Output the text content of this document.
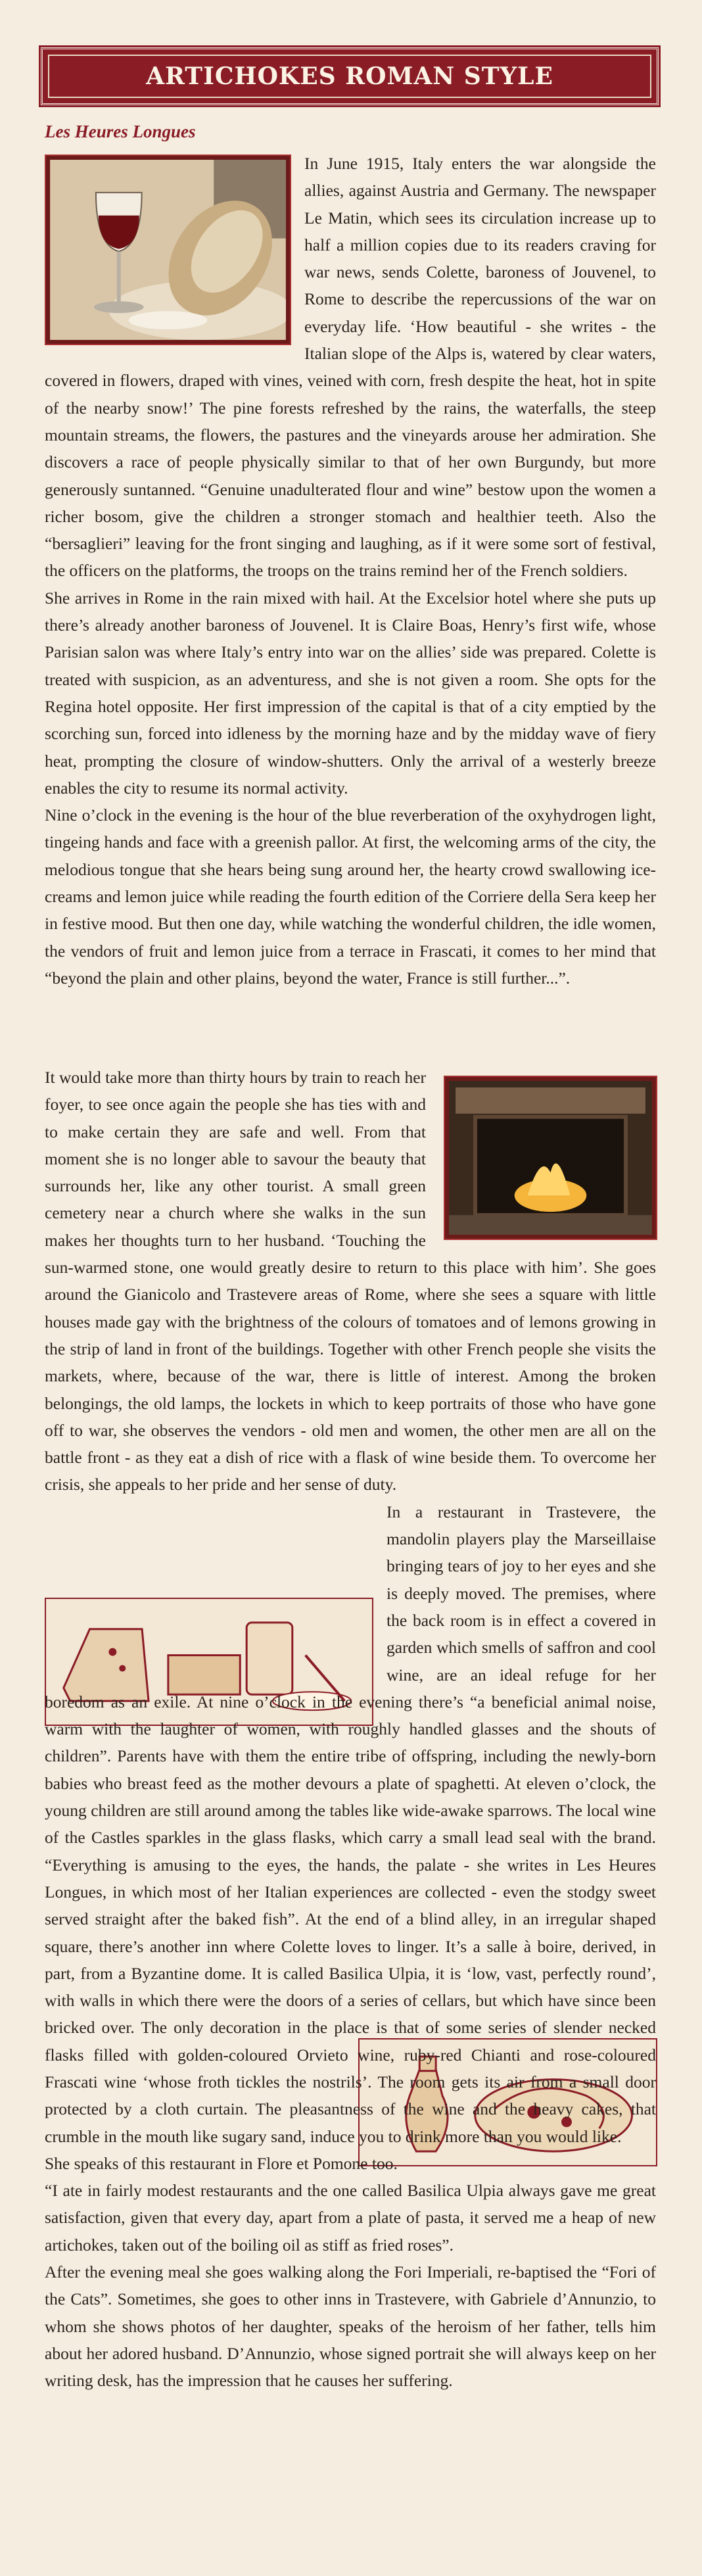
ARTICHOKES ROMAN STYLE
Les Heures Longues

In June 1915, Italy enters the war alongside the allies, against Austria and Germany. The newspaper Le Matin, which sees its circulation increase up to half a million copies due to its readers craving for war news, sends Colette, baroness of Jouvenel, to Rome to describe the repercussions of the war on everyday life. ‘How beautiful - she writes - the Italian slope of the Alps is, watered by clear waters, covered in flowers, draped with vines, veined with corn, fresh despite the heat, hot in spite of the nearby snow!’ The pine forests refreshed by the rains, the waterfalls, the steep mountain streams, the flowers, the pastures and the vineyards arouse her admiration. She discovers a race of people physically similar to that of her own Burgundy, but more generously suntanned. “Genuine unadulterated flour and wine” bestow upon the women a richer bosom, give the children a stronger stomach and healthier teeth. Also the “bersaglieri” leaving for the front singing and laughing, as if it were some sort of festival, the officers on the platforms, the troops on the trains remind her of the French soldiers.

She arrives in Rome in the rain mixed with hail. At the Excelsior hotel where she puts up there’s already another baroness of Jouvenel. It is Claire Boas, Henry’s first wife, whose Parisian salon was where Italy’s entry into war on the allies’ side was prepared. Colette is treated with suspicion, as an adventuress, and she is not given a room. She opts for the Regina hotel opposite. Her first impression of the capital is that of a city emptied by the scorching sun, forced into idleness by the morning haze and by the midday wave of fiery heat, prompting the closure of window-shutters. Only the arrival of a westerly breeze enables the city to resume its normal activity.

Nine o’clock in the evening is the hour of the blue reverberation of the oxyhydrogen light, tingeing hands and face with a greenish pallor. At first, the welcoming arms of the city, the melodious tongue that she hears being sung around her, the hearty crowd swallowing ice-creams and lemon juice while reading the fourth edition of the Corriere della Sera keep her in festive mood. But then one day, while watching the wonderful children, the idle women, the vendors of fruit and lemon juice from a terrace in Frascati, it comes to her mind that “beyond the plain and other plains, beyond the water, France is still further...”.

It would take more than thirty hours by train to reach her foyer, to see once again the people she has ties with and to make certain they are safe and well. From that moment she is no longer able to savour the beauty that surrounds her, like any other tourist. A small green cemetery near a church where she walks in the sun makes her thoughts turn to her husband. ‘Touching the sun-warmed stone, one would greatly desire to return to this place with him’. She goes around the Gianicolo and Trastevere areas of Rome, where she sees a square with little houses made gay with the brightness of the colours of tomatoes and of lemons growing in the strip of land in front of the buildings. Together with other French people she visits the markets, where, because of the war, there is little of interest. Among the broken belongings, the old lamps, the lockets in which to keep portraits of those who have gone off to war, she observes the vendors - old men and women, the other men are all on the battle front - as they eat a dish of rice with a flask of wine beside them. To overcome her crisis, she appeals to her pride and her sense of duty.

In a restaurant in Trastevere, the mandolin players play the Marseillaise bringing tears of joy to her eyes and she is deeply moved. The premises, where the back room is in effect a covered in garden which smells of saffron and cool wine, are an ideal refuge for her boredom as an exile. At nine o’clock in the evening there’s “a beneficial animal noise, warm with the laughter of women, with roughly handled glasses and the shouts of children”. Parents have with them the entire tribe of offspring, including the newly-born babies who breast feed as the mother devours a plate of spaghetti. At eleven o’clock, the young children are still around among the tables like wide-awake sparrows. The local wine of the Castles sparkles in the glass flasks, which carry a small lead seal with the brand. “Everything is amusing to the eyes, the hands, the palate - she writes in Les Heures Longues, in which most of her Italian experiences are collected - even the stodgy sweet served straight after the baked fish”. At the end of a blind alley, in an irregular shaped square, there’s another inn where Colette loves to linger. It’s a salle à boire, derived, in part, from a Byzantine dome. It is called Basilica Ulpia, it is ‘low, vast, perfectly round’, with walls in which there were the doors of a series of cellars, but which have since been bricked over. The only decoration in the place is that of some series of slender necked flasks filled with golden-coloured Orvieto wine, ruby-red Chianti and rose-coloured Frascati wine ‘whose froth tickles the nostrils’. The room gets its air from a small door protected by a cloth curtain. The pleasantness of the wine and the heavy cakes, that crumble in the mouth like sugary sand, induce you to drink more than you would like.

She speaks of this restaurant in Flore et Pomone too.

“I ate in fairly modest restaurants and the one called Basilica Ulpia always gave me great satisfaction, given that every day, apart from a plate of pasta, it served me a heap of new artichokes, taken out of the boiling oil as stiff as fried roses”.

After the evening meal she goes walking along the Fori Imperiali, re-baptised the “Fori of the Cats”. Sometimes, she goes to other inns in Trastevere, with Gabriele d’Annunzio, to whom she shows photos of her daughter, speaks of the heroism of her father, tells him about her adored husband. D’Annunzio, whose signed portrait she will always keep on her writing desk, has the impression that he causes her suffering.
